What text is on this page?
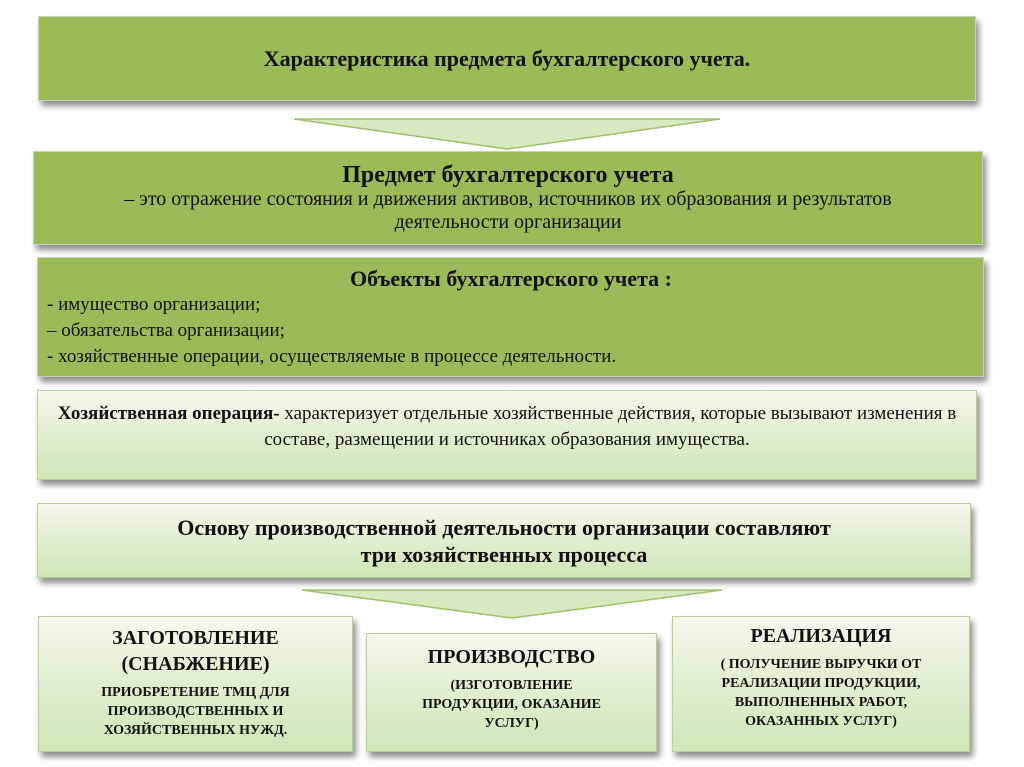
Характеристика предмета бухгалтерского учета.
Предмет бухгалтерского учета
– это отражение состояния и движения активов, источников их образования и результатов деятельности организации
Объекты бухгалтерского учета :
- имущество организации;
– обязательства организации;
- хозяйственные операции, осуществляемые в процессе деятельности.
Хозяйственная операция- характеризует отдельные хозяйственные действия, которые вызывают изменения в составе, размещении и источниках образования имущества.
Основу производственной деятельности организации составляют
три хозяйственных процесса
ЗАГОТОВЛЕНИЕ
(СНАБЖЕНИЕ)
ПРИОБРЕТЕНИЕ ТМЦ ДЛЯ ПРОИЗВОДСТВЕННЫХ И ХОЗЯЙСТВЕННЫХ НУЖД.
ПРОИЗВОДСТВО
(ИЗГОТОВЛЕНИЕ ПРОДУКЦИИ, ОКАЗАНИЕ УСЛУГ)
РЕАЛИЗАЦИЯ
( ПОЛУЧЕНИЕ ВЫРУЧКИ ОТ РЕАЛИЗАЦИИ ПРОДУКЦИИ, ВЫПОЛНЕННЫХ РАБОТ, ОКАЗАННЫХ УСЛУГ)
